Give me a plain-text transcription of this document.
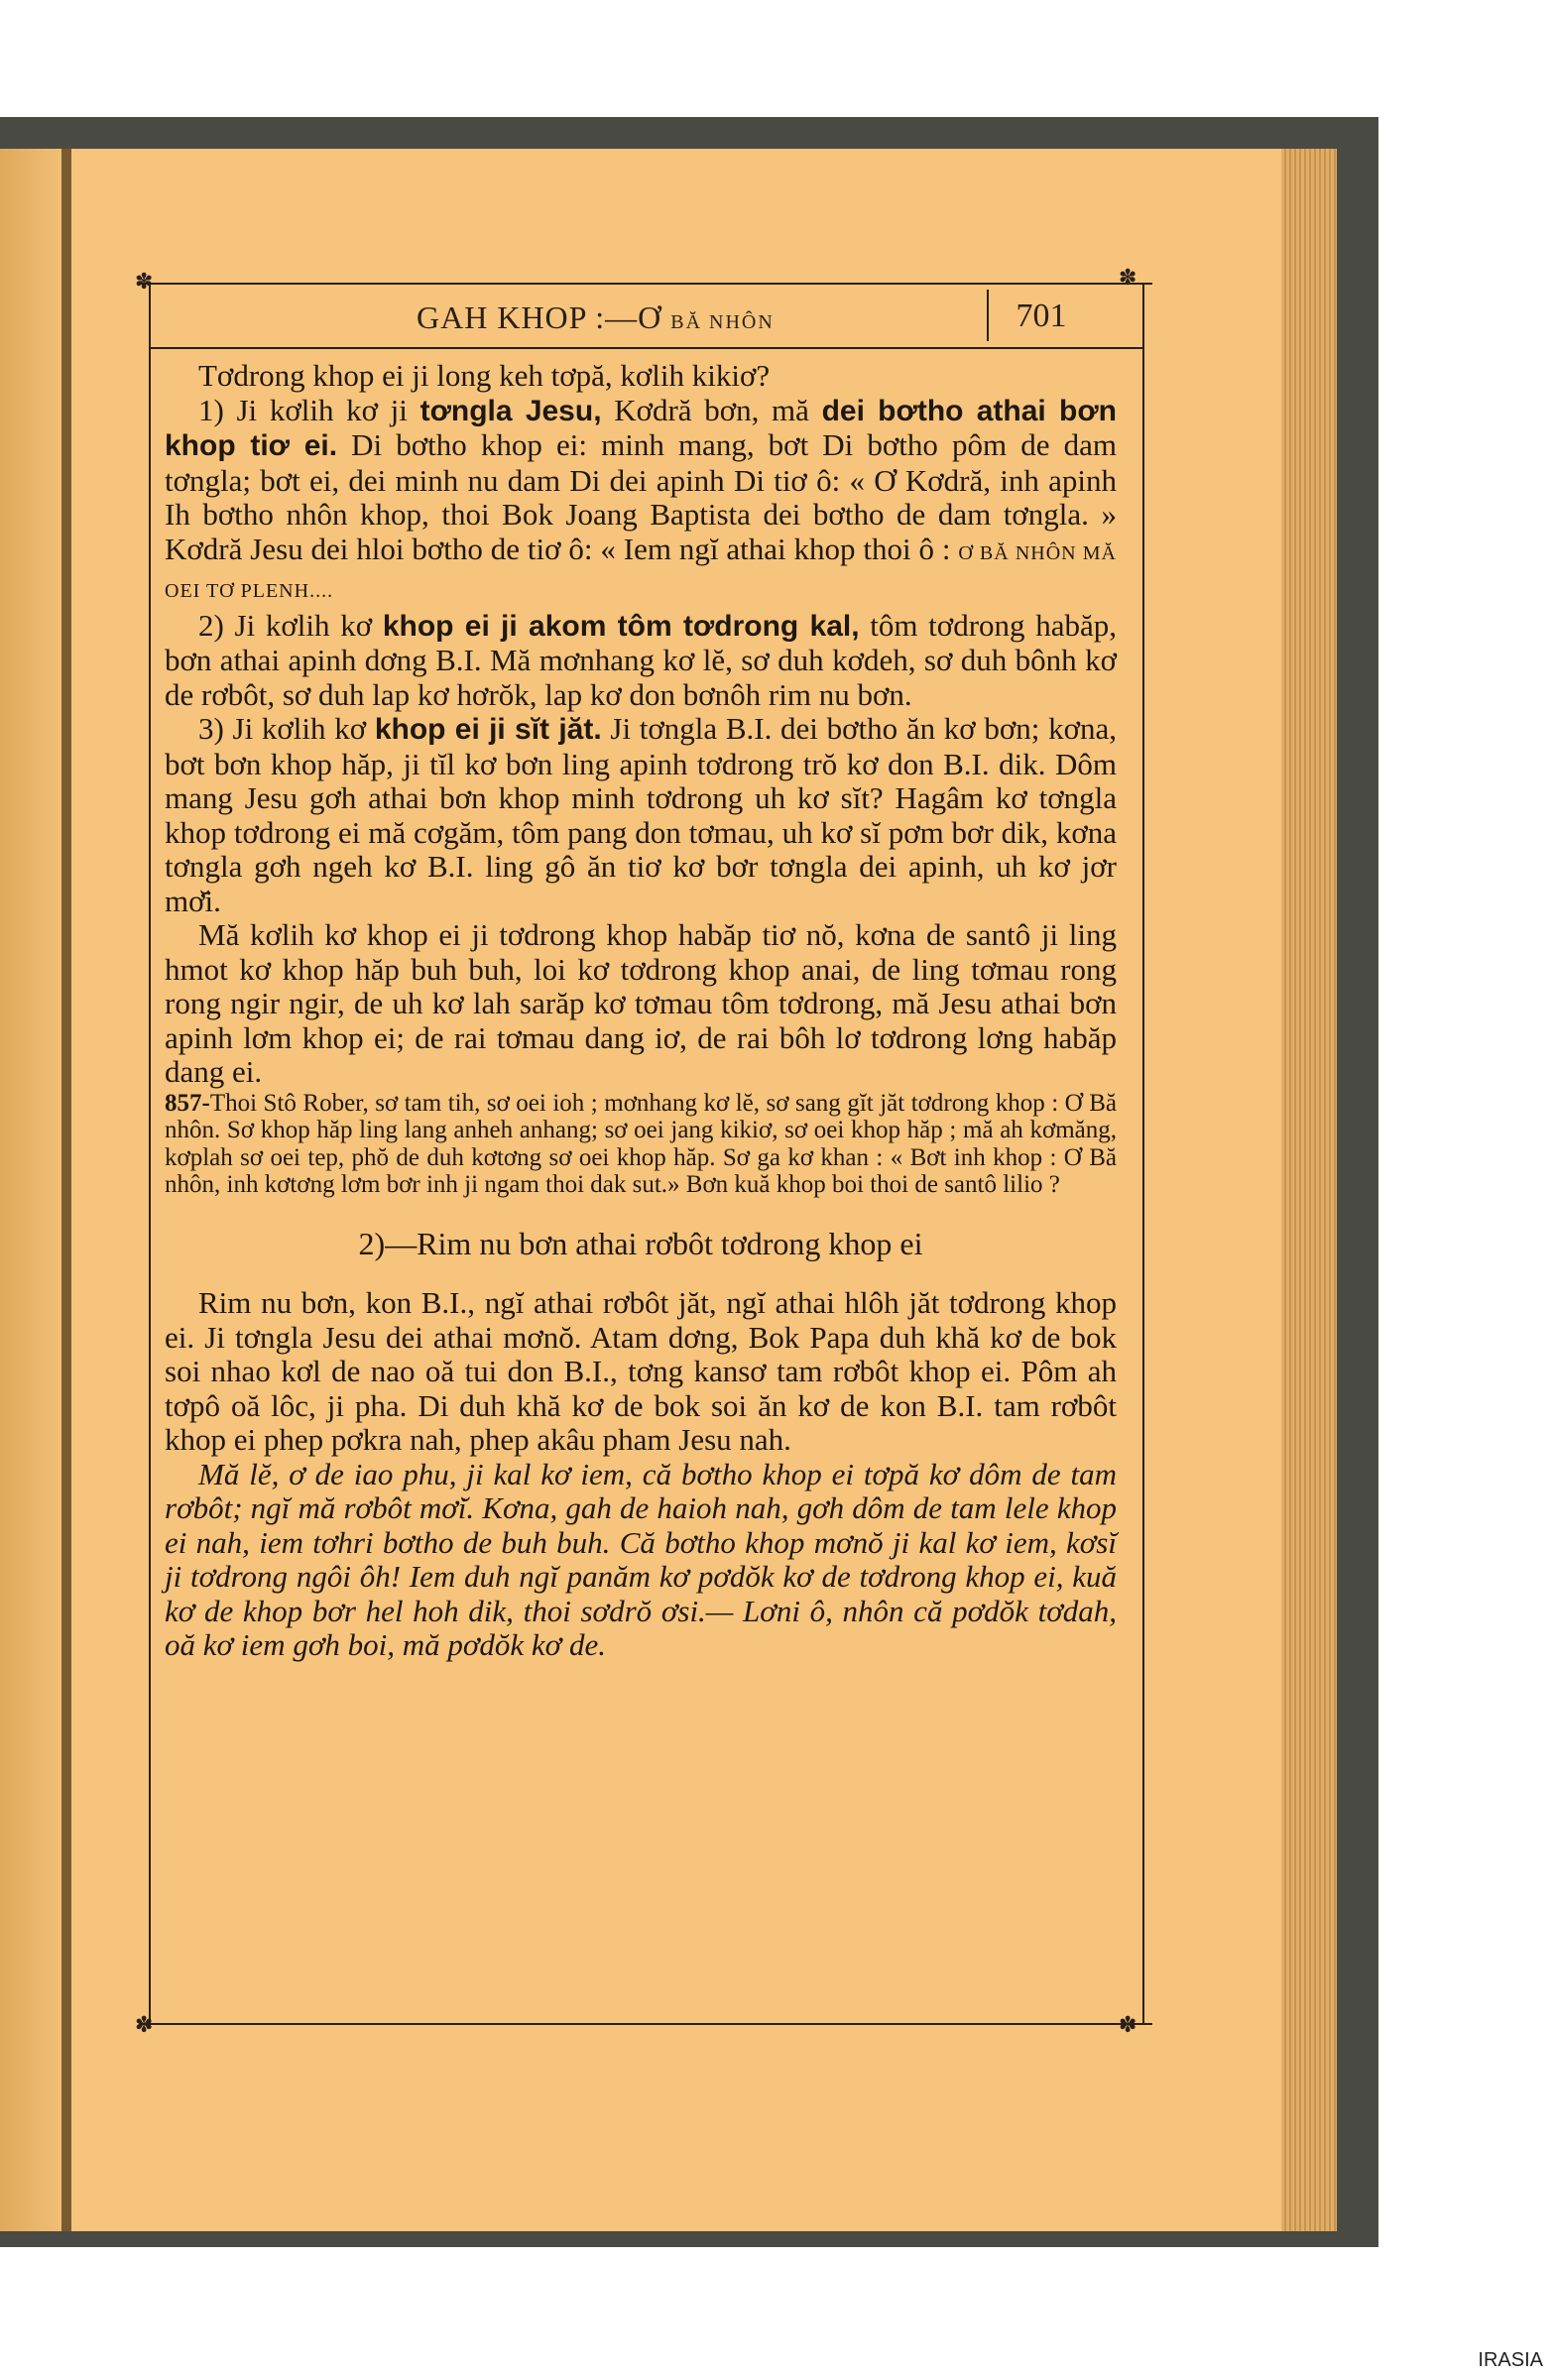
✽	✽
✽	✽
GAH KHOP :—Ơ BĂ NHÔN	701

Tơdrong khop ei ji long keh tơpă, kơlih kikiơ?

1) Ji kơlih kơ ji tơngla Jesu, Kơdră bơn, mă dei bơtho athai bơn khop tiơ ei. Di bơtho khop ei: minh mang, bơt Di bơtho pôm de dam tơngla; bơt ei, dei minh nu dam Di dei apinh Di tiơ ô: « Ơ Kơdră, inh apinh Ih bơtho nhôn khop, thoi Bok Joang Baptista dei bơtho de dam tơngla. » Kơdră Jesu dei hloi bơtho de tiơ ô: « Iem ngĭ athai khop thoi ô : Ơ BĂ NHÔN MĂ OEI TƠ PLENH....

2) Ji kơlih kơ khop ei ji akom tôm tơdrong kal, tôm tơdrong habăp, bơn athai apinh dơng B.I. Mă mơnhang kơ lĕ, sơ duh kơdeh, sơ duh bônh kơ de rơbôt, sơ duh lap kơ hơrŏk, lap kơ don bơnôh rim nu bơn.

3) Ji kơlih kơ khop ei ji sĭt jăt. Ji tơngla B.I. dei bơtho ăn kơ bơn; kơna, bơt bơn khop hăp, ji tĭl kơ bơn ling apinh tơdrong trŏ kơ don B.I. dik. Dôm mang Jesu gơh athai bơn khop minh tơdrong uh kơ sĭt? Hagâm kơ tơngla khop tơdrong ei mă cơgăm, tôm pang don tơmau, uh kơ sĭ pơm bơr dik, kơna tơngla gơh ngeh kơ B.I. ling gô ăn tiơ kơ bơr tơngla dei apinh, uh kơ jơr mơ̆i.

Mă kơlih kơ khop ei ji tơdrong khop habăp tiơ nŏ, kơna de santô ji ling hmot kơ khop hăp buh buh, loi kơ tơdrong khop anai, de ling tơmau rong rong ngir ngir, de uh kơ lah sarăp kơ tơmau tôm tơdrong, mă Jesu athai bơn apinh lơm khop ei; de rai tơmau dang iơ, de rai bôh lơ tơdrong lơng habăp dang ei.

857-Thoi Stô Rober, sơ tam tih, sơ oei ioh ; mơnhang kơ lĕ, sơ sang gĭt jăt tơdrong khop : Ơ Bă nhôn. Sơ khop hăp ling lang anheh anhang; sơ oei jang kikiơ, sơ oei khop hăp ; mă ah kơmăng, kơplah sơ oei tep, phŏ de duh kơtơng sơ oei khop hăp. Sơ ga kơ khan : « Bơt inh khop : Ơ Bă nhôn, inh kơtơng lơm bơr inh ji ngam thoi dak sut.» Bơn kuă khop boi thoi de santô lilio ?

2)—Rim nu bơn athai rơbôt tơdrong khop ei

Rim nu bơn, kon B.I., ngĭ athai rơbôt jăt, ngĭ athai hlôh jăt tơdrong khop ei. Ji tơngla Jesu dei athai mơnŏ. Atam dơng, Bok Papa duh khă kơ de bok soi nhao kơl de nao oă tui don B.I., tơng kansơ tam rơbôt khop ei. Pôm ah tơpô oă lôc, ji pha. Di duh khă kơ de bok soi ăn kơ de kon B.I. tam rơbôt khop ei phep pơkra nah, phep akâu pham Jesu nah.

Mă lĕ, ơ de iao phu, ji kal kơ iem, că bơtho khop ei tơpă kơ dôm de tam rơbôt; ngĭ mă rơbôt mơ̆i. Kơna, gah de haioh nah, gơh dôm de tam lele khop ei nah, iem tơhri bơtho de buh buh. Că bơtho khop mơnŏ ji kal kơ iem, kơsĭ ji tơdrong ngôi ôh! Iem duh ngĭ panăm kơ pơdŏk kơ de tơdrong khop ei, kuă kơ de khop bơr hel hoh dik, thoi sơdrŏ ơsi.— Lơni ô, nhôn că pơdŏk tơdah, oă kơ iem gơh boi, mă pơdŏk kơ de.

IRASIA
